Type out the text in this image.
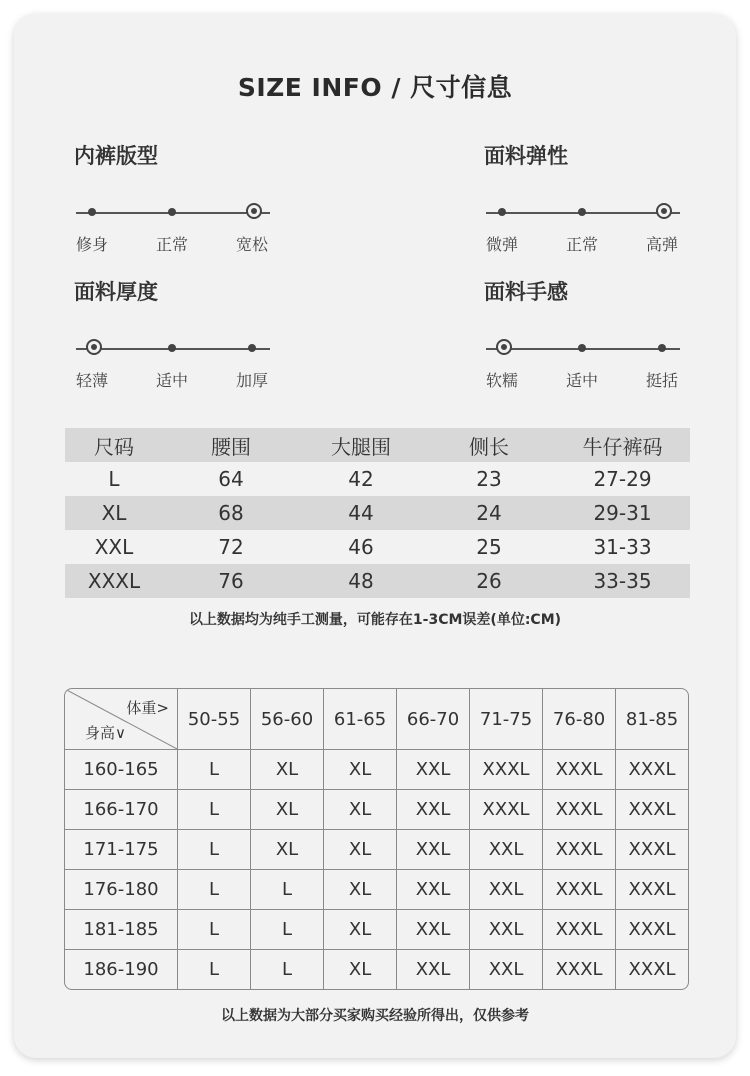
SIZE INFO / 尺寸信息
内裤版型
修身	正常	宽松
面料弹性
微弹	正常	高弹
面料厚度
轻薄	适中	加厚
面料手感
软糯	适中	挺括
尺码	腰围	大腿围	侧长	牛仔裤码
L	64	42	23	27-29
XL	68	44	24	29-31
XXL	72	46	25	31-33
XXXL	76	48	26	33-35
以上数据均为纯手工测量，可能存在1-3CM误差(单位:CM)
体重>
身高∨	50-55	56-60	61-65	66-70	71-75	76-80	81-85
160-165	L	XL	XL	XXL	XXXL	XXXL	XXXL
166-170	L	XL	XL	XXL	XXXL	XXXL	XXXL
171-175	L	XL	XL	XXL	XXL	XXXL	XXXL
176-180	L	L	XL	XXL	XXL	XXXL	XXXL
181-185	L	L	XL	XXL	XXL	XXXL	XXXL
186-190	L	L	XL	XXL	XXL	XXXL	XXXL
以上数据为大部分买家购买经验所得出，仅供参考
